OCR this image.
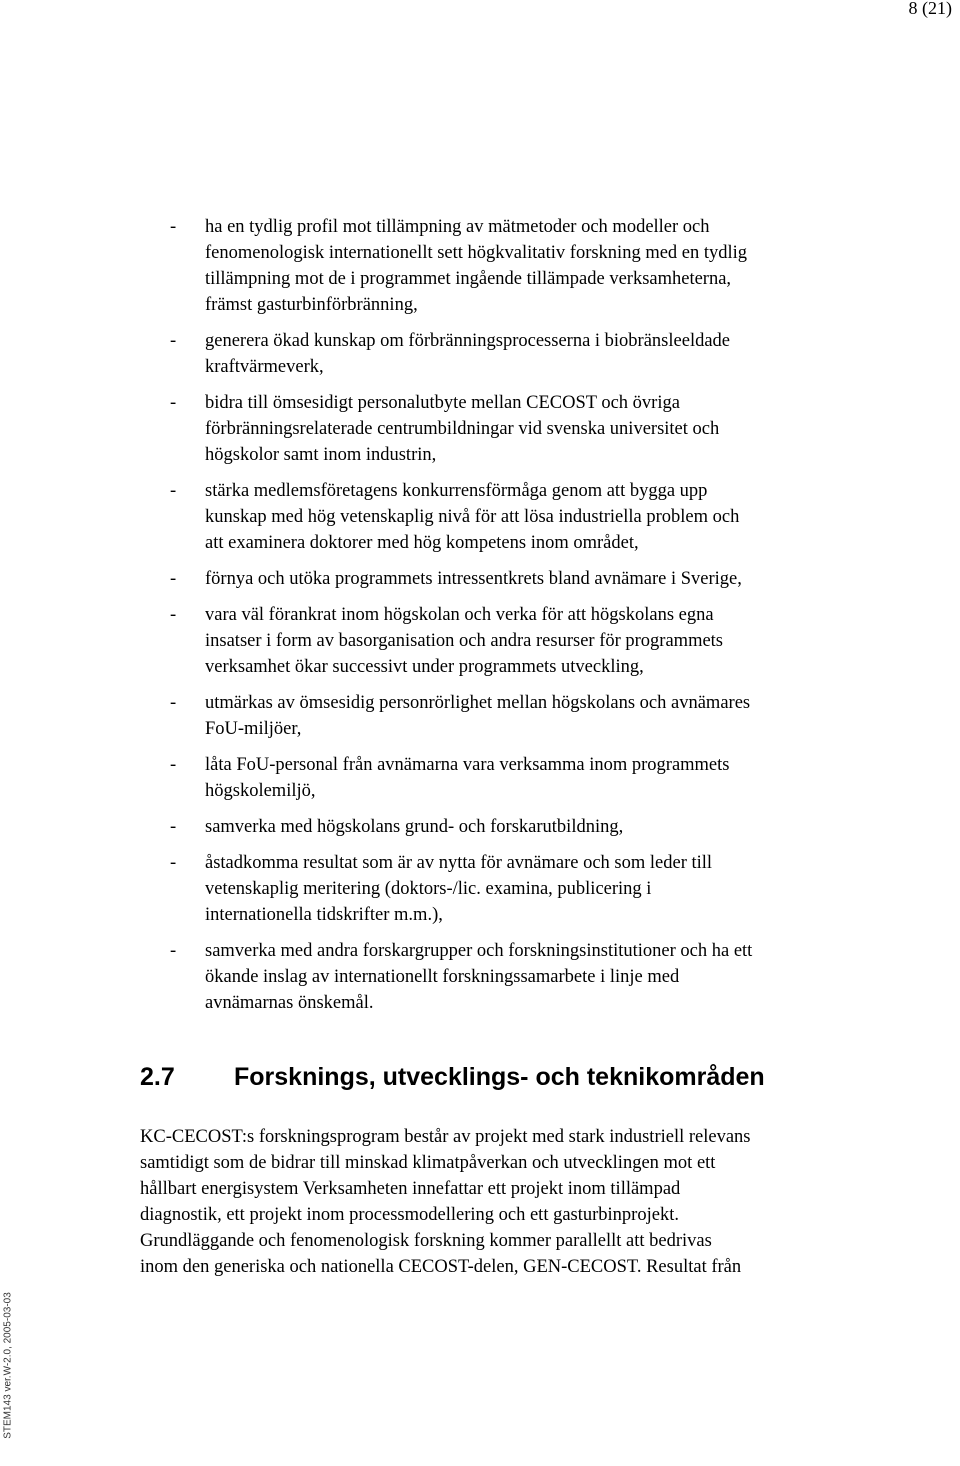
8 (21)
- ha en tydlig profil mot tillämpning av mätmetoder och modeller och
fenomenologisk internationellt sett högkvalitativ forskning med en tydlig
tillämpning mot de i programmet ingående tillämpade verksamheterna,
främst gasturbinförbränning,
- generera ökad kunskap om förbränningsprocesserna i biobränsleeldade
kraftvärmeverk,
- bidra till ömsesidigt personalutbyte mellan CECOST och övriga
förbränningsrelaterade centrumbildningar vid svenska universitet och
högskolor samt inom industrin,
- stärka medlemsföretagens konkurrensförmåga genom att bygga upp
kunskap med hög vetenskaplig nivå för att lösa industriella problem och
att examinera doktorer med hög kompetens inom området,
- förnya och utöka programmets intressentkrets bland avnämare i Sverige,
- vara väl förankrat inom högskolan och verka för att högskolans egna
insatser i form av basorganisation och andra resurser för programmets
verksamhet ökar successivt under programmets utveckling,
- utmärkas av ömsesidig personrörlighet mellan högskolans och avnämares
FoU-miljöer,
- låta FoU-personal från avnämarna vara verksamma inom programmets
högskolemiljö,
- samverka med högskolans grund- och forskarutbildning,
- åstadkomma resultat som är av nytta för avnämare och som leder till
vetenskaplig meritering (doktors-/lic. examina, publicering i
internationella tidskrifter m.m.),
- samverka med andra forskargrupper och forskningsinstitutioner och ha ett
ökande inslag av internationellt forskningssamarbete i linje med
avnämarnas önskemål.
2.7 Forsknings, utvecklings- och teknikområden
KC-CECOST:s forskningsprogram består av projekt med stark industriell relevans
samtidigt som de bidrar till minskad klimatpåverkan och utvecklingen mot ett
hållbart energisystem Verksamheten innefattar ett projekt inom tillämpad
diagnostik, ett projekt inom processmodellering och ett gasturbinprojekt.
Grundläggande och fenomenologisk forskning kommer parallellt att bedrivas
inom den generiska och nationella CECOST-delen, GEN-CECOST. Resultat från
STEM143 ver.W-2.0, 2005-03-03
